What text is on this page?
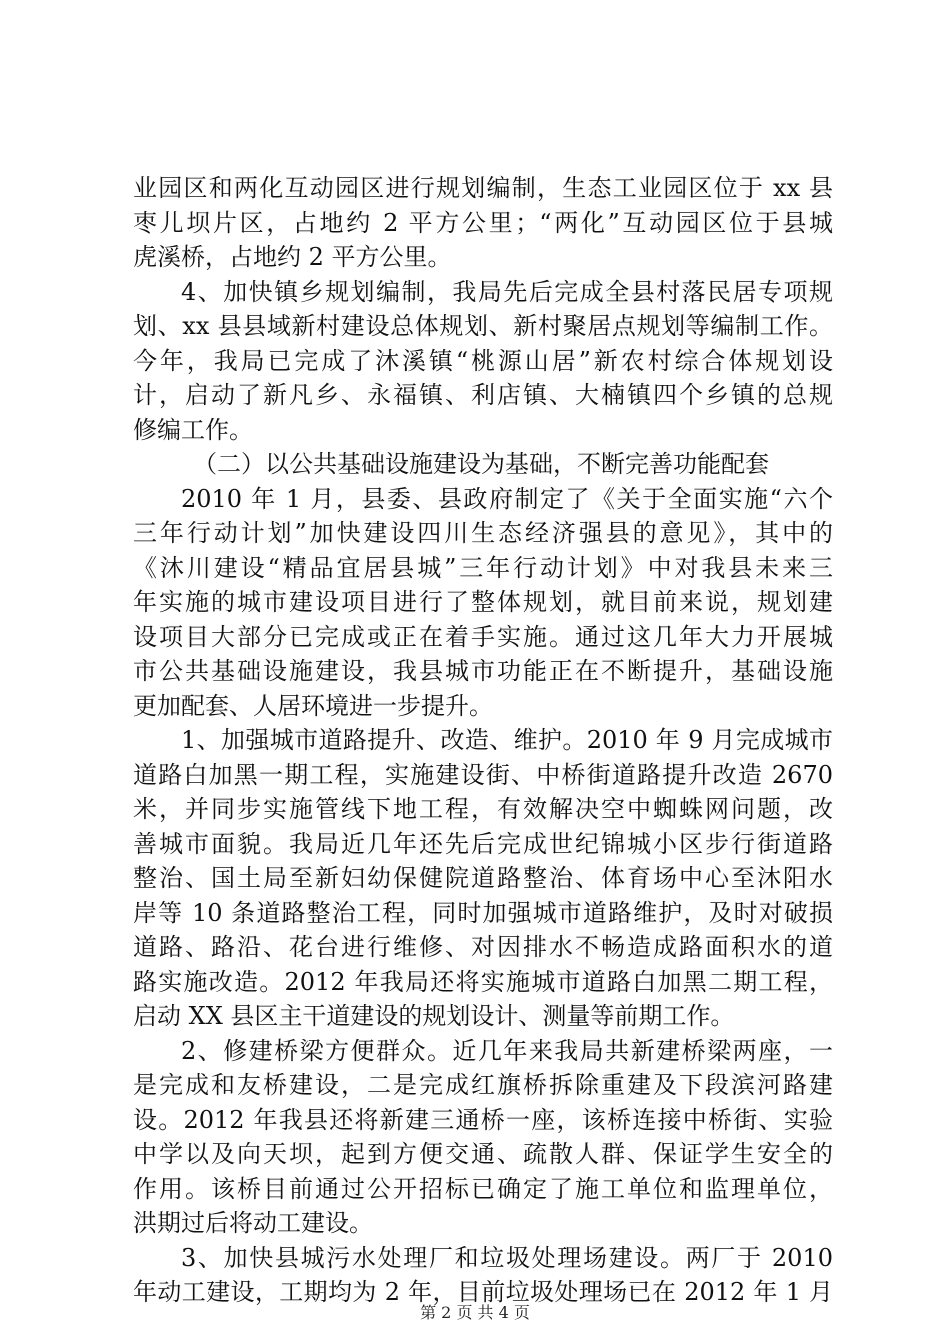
业园区和两化互动园区进行规划编制，生态工业园区位于 xx 县
枣儿坝片区，占地约 2 平方公里；“两化”互动园区位于县城
虎溪桥，占地约 2 平方公里。
4、加快镇乡规划编制，我局先后完成全县村落民居专项规
划、xx 县县域新村建设总体规划、新村聚居点规划等编制工作。
今年，我局已完成了沐溪镇“桃源山居”新农村综合体规划设
计，启动了新凡乡、永福镇、利店镇、大楠镇四个乡镇的总规
修编工作。
（二）以公共基础设施建设为基础，不断完善功能配套
2010 年 1 月，县委、县政府制定了《关于全面实施“六个
三年行动计划”加快建设四川生态经济强县的意见》，其中的
《沐川建设“精品宜居县城”三年行动计划》中对我县未来三
年实施的城市建设项目进行了整体规划，就目前来说，规划建
设项目大部分已完成或正在着手实施。通过这几年大力开展城
市公共基础设施建设，我县城市功能正在不断提升，基础设施
更加配套、人居环境进一步提升。
1、加强城市道路提升、改造、维护。2010 年 9 月完成城市
道路白加黑一期工程，实施建设街、中桥街道路提升改造 2670
米，并同步实施管线下地工程，有效解决空中蜘蛛网问题，改
善城市面貌。我局近几年还先后完成世纪锦城小区步行街道路
整治、国土局至新妇幼保健院道路整治、体育场中心至沐阳水
岸等 10 条道路整治工程，同时加强城市道路维护，及时对破损
道路、路沿、花台进行维修、对因排水不畅造成路面积水的道
路实施改造。2012 年我局还将实施城市道路白加黑二期工程，
启动 XX 县区主干道建设的规划设计、测量等前期工作。
2、修建桥梁方便群众。近几年来我局共新建桥梁两座，一
是完成和友桥建设，二是完成红旗桥拆除重建及下段滨河路建
设。2012 年我县还将新建三通桥一座，该桥连接中桥街、实验
中学以及向天坝，起到方便交通、疏散人群、保证学生安全的
作用。该桥目前通过公开招标已确定了施工单位和监理单位，
洪期过后将动工建设。
3、加快县城污水处理厂和垃圾处理场建设。两厂于 2010
年动工建设，工期均为 2 年，目前垃圾处理场已在 2012 年 1 月
第 2 页 共 4 页
